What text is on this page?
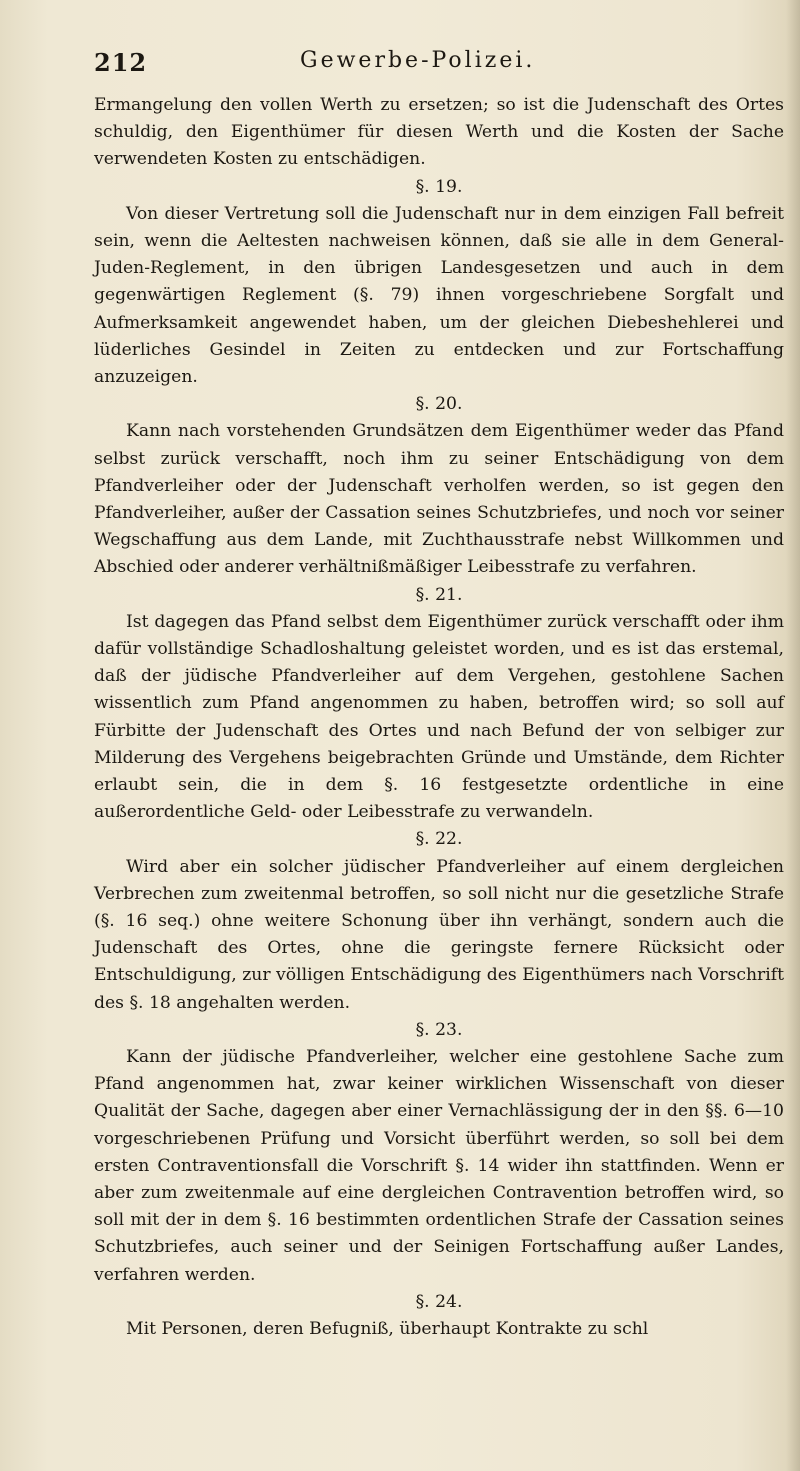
212	Gewerbe-Polizei.

Ermangelung den vollen Werth zu ersetzen; so ist die Judenschaft des Ortes schuldig, den Eigenthümer für diesen Werth und die Kosten der Sache verwendeten Kosten zu entschädigen.

§. 19.

Von dieser Vertretung soll die Judenschaft nur in dem einzigen Fall befreit sein, wenn die Aeltesten nachweisen können, daß sie alle in dem General-Juden-Reglement, in den übrigen Landesgesetzen und auch in dem gegenwärtigen Reglement (§. 79) ihnen vorgeschriebene Sorgfalt und Aufmerksamkeit angewendet haben, um der gleichen Diebeshehlerei und lüderliches Gesindel in Zeiten zu entdecken und zur Fortschaffung anzuzeigen.

§. 20.

Kann nach vorstehenden Grundsätzen dem Eigenthümer weder das Pfand selbst zurück verschafft, noch ihm zu seiner Entschädigung von dem Pfandverleiher oder der Judenschaft verholfen werden, so ist gegen den Pfandverleiher, außer der Cassation seines Schutzbriefes, und noch vor seiner Wegschaffung aus dem Lande, mit Zuchthausstrafe nebst Willkommen und Abschied oder anderer verhältnißmäßiger Leibesstrafe zu verfahren.

§. 21.

Ist dagegen das Pfand selbst dem Eigenthümer zurück verschafft oder ihm dafür vollständige Schadloshaltung geleistet worden, und es ist das erstemal, daß der jüdische Pfandverleiher auf dem Vergehen, gestohlene Sachen wissentlich zum Pfand angenommen zu haben, betroffen wird; so soll auf Fürbitte der Judenschaft des Ortes und nach Befund der von selbiger zur Milderung des Vergehens beigebrachten Gründe und Umstände, dem Richter erlaubt sein, die in dem §. 16 festgesetzte ordentliche in eine außerordentliche Geld- oder Leibesstrafe zu verwandeln.

§. 22.

Wird aber ein solcher jüdischer Pfandverleiher auf einem dergleichen Verbrechen zum zweitenmal betroffen, so soll nicht nur die gesetzliche Strafe (§. 16 seq.) ohne weitere Schonung über ihn verhängt, sondern auch die Judenschaft des Ortes, ohne die geringste fernere Rücksicht oder Entschuldigung, zur völligen Entschädigung des Eigenthümers nach Vorschrift des §. 18 angehalten werden.

§. 23.

Kann der jüdische Pfandverleiher, welcher eine gestohlene Sache zum Pfand angenommen hat, zwar keiner wirklichen Wissenschaft von dieser Qualität der Sache, dagegen aber einer Vernachlässigung der in den §§. 6—10 vorgeschriebenen Prüfung und Vorsicht überführt werden, so soll bei dem ersten Contraventionsfall die Vorschrift §. 14 wider ihn stattfinden. Wenn er aber zum zweitenmale auf eine dergleichen Contravention betroffen wird, so soll mit der in dem §. 16 bestimmten ordentlichen Strafe der Cassation seines Schutzbriefes, auch seiner und der Seinigen Fortschaffung außer Landes, verfahren werden.

§. 24.

Mit Personen, deren Befugniß, überhaupt Kontrakte zu schl
